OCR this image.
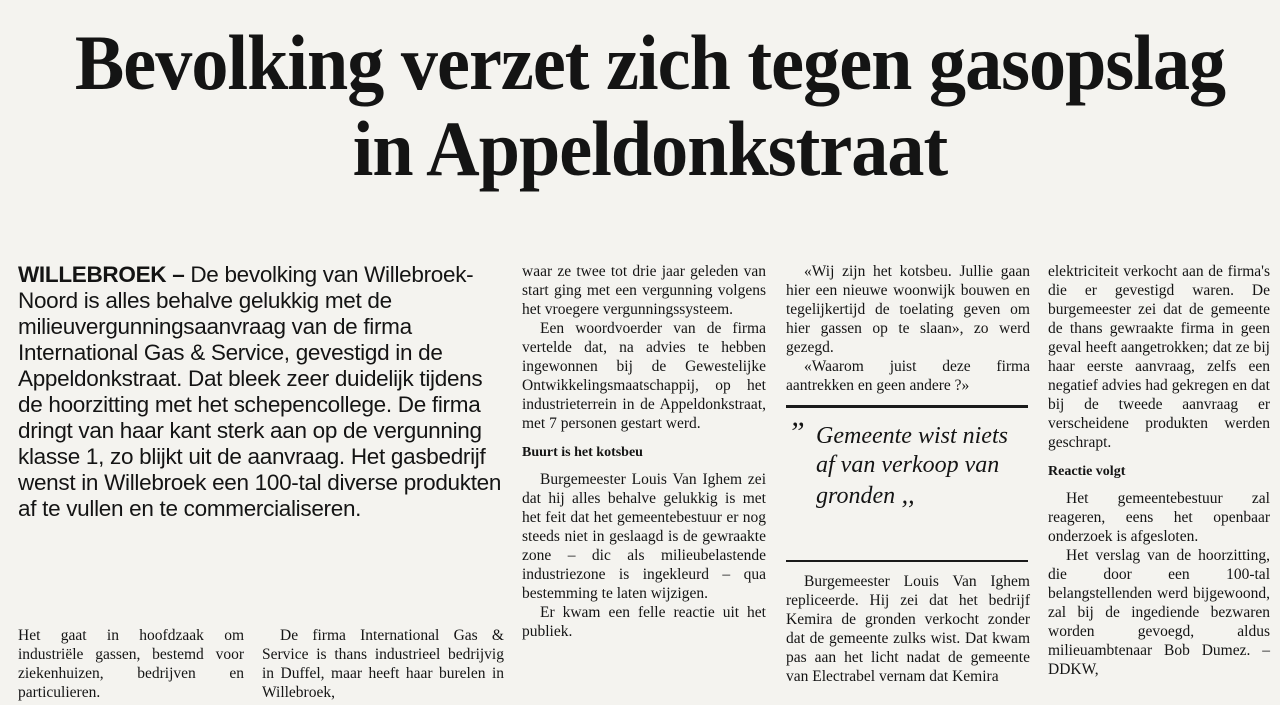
Bevolking verzet zich tegen gasopslag in Appeldonkstraat
WILLEBROEK – De bevolking van Willebroek-Noord is alles behalve gelukkig met de milieuvergunningsaanvraag van de firma International Gas & Service, gevestigd in de Appeldonkstraat. Dat bleek zeer duidelijk tijdens de hoorzitting met het schepencollege. De firma dringt van haar kant sterk aan op de vergunning klasse 1, zo blijkt uit de aanvraag. Het gasbedrijf wenst in Willebroek een 100-tal diverse produkten af te vullen en te commercialiseren.

Het gaat in hoofdzaak om industriële gassen, bestemd voor ziekenhuizen, bedrijven en particulieren.

De firma International Gas & Service is thans industrieel bedrijvig in Duffel, maar heeft haar burelen in Willebroek,

waar ze twee tot drie jaar geleden van start ging met een vergunning volgens het vroegere vergunningssysteem.

Een woordvoerder van de firma vertelde dat, na advies te hebben ingewonnen bij de Gewestelijke Ontwikkelingsmaatschappij, op het industrieterrein in de Appeldonkstraat, met 7 personen gestart werd.

Buurt is het kotsbeu

Burgemeester Louis Van Ighem zei dat hij alles behalve gelukkig is met het feit dat het gemeentebestuur er nog steeds niet in geslaagd is de gewraakte zone – dic als milieubelastende industriezone is ingekleurd – qua bestemming te laten wijzigen.

Er kwam een felle reactie uit het publiek.

«Wij zijn het kotsbeu. Jullie gaan hier een nieuwe woonwijk bouwen en tegelijkertijd de toelating geven om hier gassen op te slaan», zo werd gezegd.

«Waarom juist deze firma aantrekken en geen andere ?»

” Gemeente wist niets af van verkoop van gronden ,,

Burgemeester Louis Van Ighem repliceerde. Hij zei dat het bedrijf Kemira de gronden verkocht zonder dat de gemeente zulks wist. Dat kwam pas aan het licht nadat de gemeente van Electrabel vernam dat Kemira

elektriciteit verkocht aan de firma's die er gevestigd waren. De burgemeester zei dat de gemeente de thans gewraakte firma in geen geval heeft aangetrokken; dat ze bij haar eerste aanvraag, zelfs een negatief advies had gekregen en dat bij de tweede aanvraag er verscheidene produkten werden geschrapt.

Reactie volgt

Het gemeentebestuur zal reageren, eens het openbaar onderzoek is afgesloten.

Het verslag van de hoorzitting, die door een 100-tal belangstellenden werd bijgewoond, zal bij de ingediende bezwaren worden gevoegd, aldus milieuambtenaar Bob Dumez. – DDKW,
